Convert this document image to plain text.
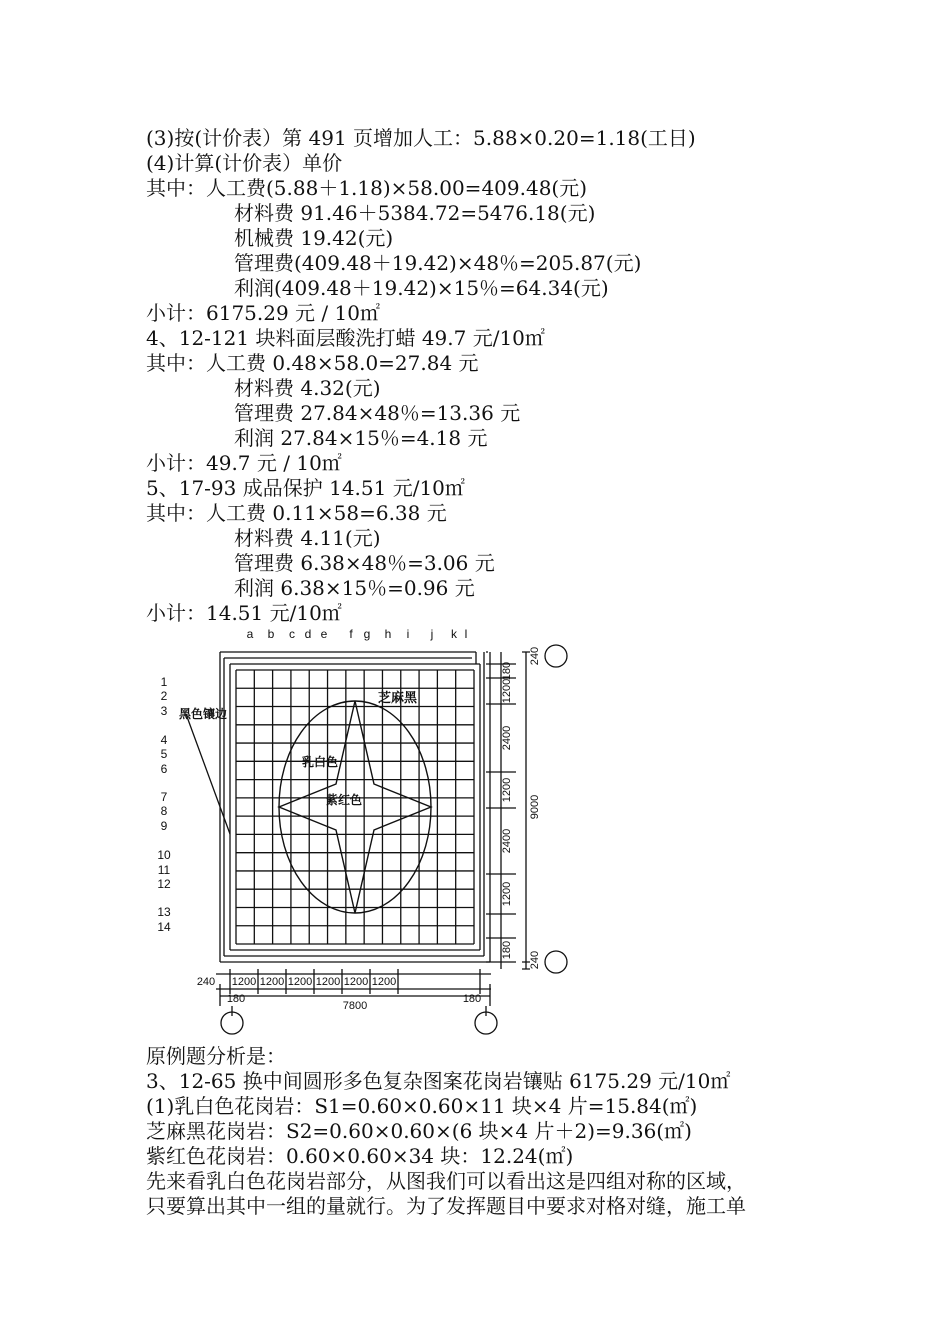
(3)按(计价表）第 491 页增加人工：5.88×0.20=1.18(工日)
(4)计算(计价表）单价
其中：人工费(5.88＋1.18)×58.00=409.48(元)
材料费 91.46＋5384.72=5476.18(元)
机械费 19.42(元)
管理费(409.48＋19.42)×48％=205.87(元)
利润(409.48＋19.42)×15％=64.34(元)
小计：6175.29 元 / 10㎡
4、12-121 块料面层酸洗打蜡 49.7 元/10㎡
其中：人工费 0.48×58.0=27.84 元
材料费 4.32(元)
管理费 27.84×48％=13.36 元
利润 27.84×15％=4.18 元
小计：49.7 元 / 10㎡
5、17-93 成品保护 14.51 元/10㎡
其中：人工费 0.11×58=6.38 元
材料费 4.11(元)
管理费 6.38×48％=3.06 元
利润 6.38×15％=0.96 元
小计：14.51 元/10㎡
a b c d e f g h i j k l
1
2
3
4
5
6
7
8
9
10
11
12
13
14
180
1200
2400
1200
2400
1200
180
240
240
9000
1200 1200 1200 1200 1200 1200
240
180	180
7800
芝麻黑
乳白色
紫红色
黑色镶边
原例题分析是：
3、12-65 换中间圆形多色复杂图案花岗岩镶贴 6175.29 元/10㎡
(1)乳白色花岗岩：S1=0.60×0.60×11 块×4 片=15.84(㎡)
芝麻黑花岗岩：S2=0.60×0.60×(6 块×4 片＋2)=9.36(㎡)
紫红色花岗岩：0.60×0.60×34 块：12.24(㎡)
先来看乳白色花岗岩部分，从图我们可以看出这是四组对称的区域，
只要算出其中一组的量就行。为了发挥题目中要求对格对缝，施工单
